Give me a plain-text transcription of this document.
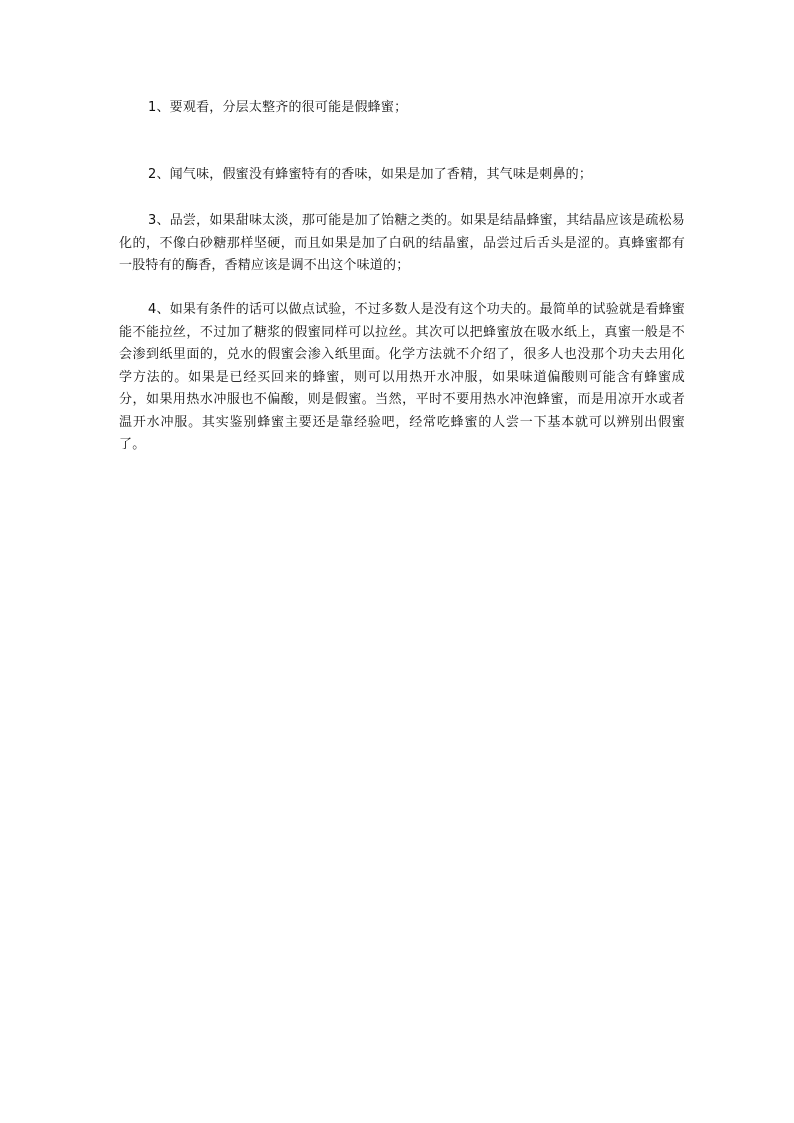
1、要观看，分层太整齐的很可能是假蜂蜜；

2、闻气味，假蜜没有蜂蜜特有的香味，如果是加了香精，其气味是刺鼻的；

3、品尝，如果甜味太淡，那可能是加了饴糖之类的。如果是结晶蜂蜜，其结晶应该是疏松易化的，不像白砂糖那样坚硬，而且如果是加了白矾的结晶蜜，品尝过后舌头是涩的。真蜂蜜都有一股特有的酶香，香精应该是调不出这个味道的；

4、如果有条件的话可以做点试验，不过多数人是没有这个功夫的。最简单的试验就是看蜂蜜能不能拉丝，不过加了糖浆的假蜜同样可以拉丝。其次可以把蜂蜜放在吸水纸上，真蜜一般是不会渗到纸里面的，兑水的假蜜会渗入纸里面。化学方法就不介绍了，很多人也没那个功夫去用化学方法的。如果是已经买回来的蜂蜜，则可以用热开水冲服，如果味道偏酸则可能含有蜂蜜成分，如果用热水冲服也不偏酸，则是假蜜。当然，平时不要用热水冲泡蜂蜜，而是用凉开水或者温开水冲服。其实鉴别蜂蜜主要还是靠经验吧，经常吃蜂蜜的人尝一下基本就可以辨别出假蜜了。
